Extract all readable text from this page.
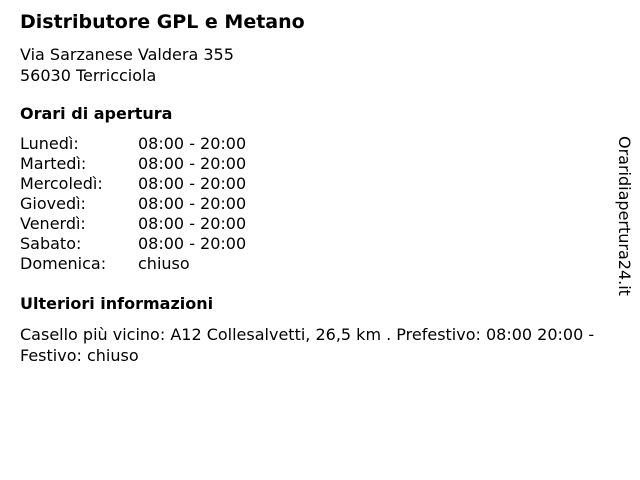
Distributore GPL e Metano
Via Sarzanese Valdera 355
56030 Terricciola
Orari di apertura
Lunedì:	08:00 - 20:00
Martedì:	08:00 - 20:00
Mercoledì:	08:00 - 20:00
Giovedì:	08:00 - 20:00
Venerdì:	08:00 - 20:00
Sabato:	08:00 - 20:00
Domenica:	chiuso
Ulteriori informazioni
Casello più vicino: A12 Collesalvetti, 26,5 km . Prefestivo: 08:00 20:00 - Festivo: chiuso
Oraridiapertura24.it
